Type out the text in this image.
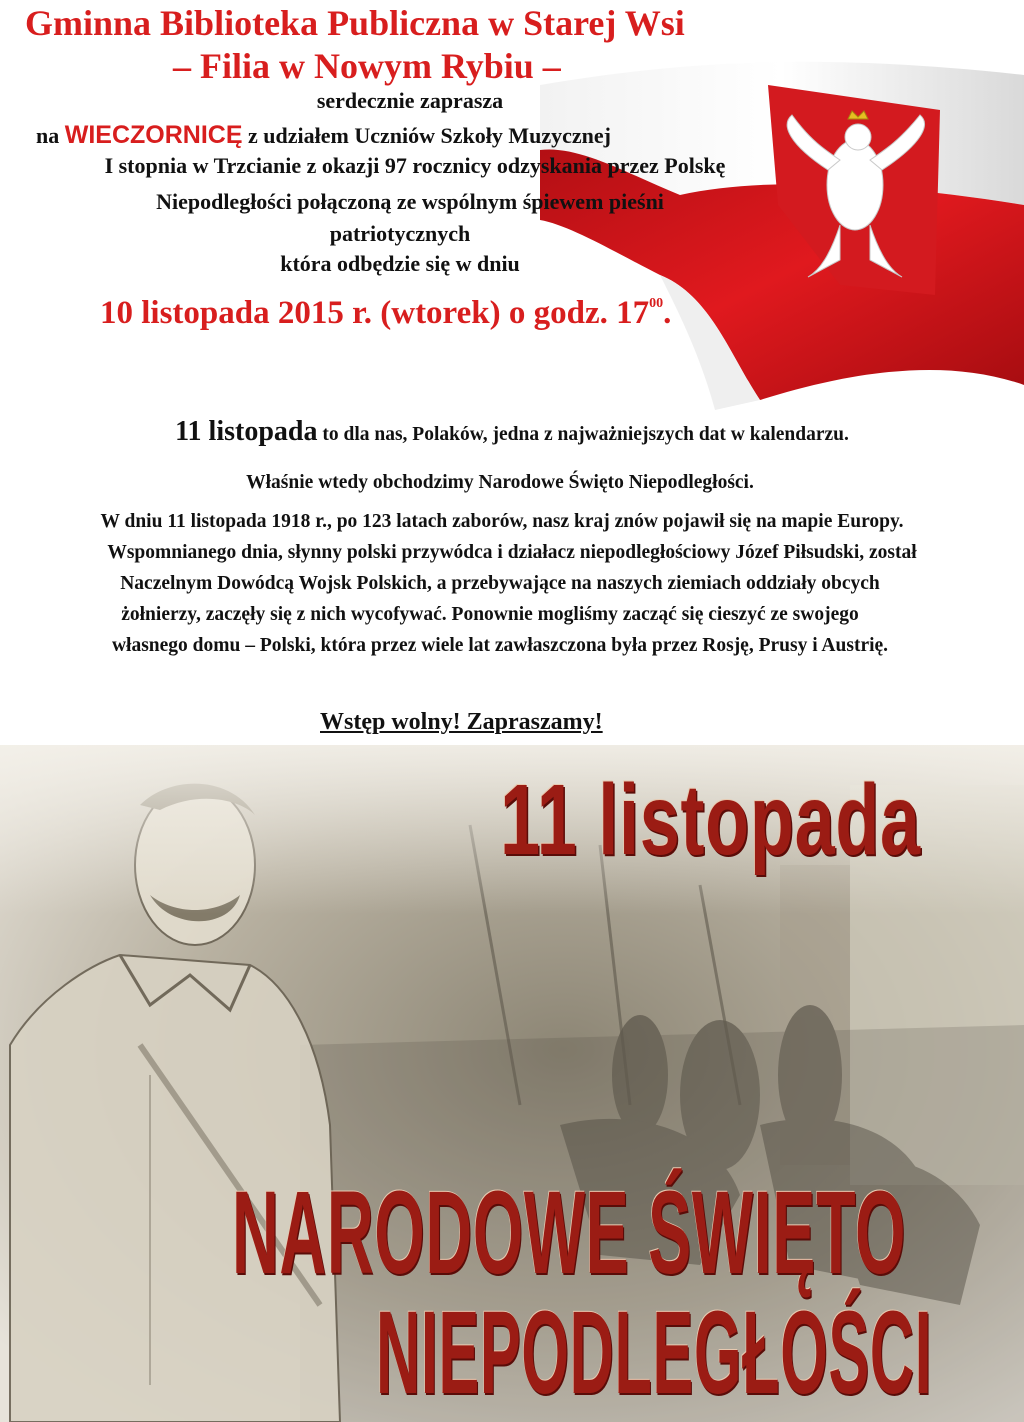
Gminna Biblioteka Publiczna w Starej Wsi
– Filia w Nowym Rybiu –
serdecznie zaprasza
na WIECZORNICĘ z udziałem Uczniów Szkoły Muzycznej
I stopnia w Trzcianie z okazji 97 rocznicy odzyskania przez Polskę
Niepodległości połączoną ze wspólnym śpiewem pieśni
patriotycznych
która odbędzie się w dniu
10 listopada 2015 r. (wtorek) o godz. $17^{00}$.
11 listopada to dla nas, Polaków, jedna z najważniejszych dat w kalendarzu.
Właśnie wtedy obchodzimy Narodowe Święto Niepodległości.
W dniu 11 listopada 1918 r., po 123 latach zaborów, nasz kraj znów pojawił się na mapie Europy.
Wspomnianego dnia, słynny polski przywódca i działacz niepodległościowy Józef Piłsudski, został
Naczelnym Dowódcą Wojsk Polskich, a przebywające na naszych ziemiach oddziały obcych
żołnierzy, zaczęły się z nich wycofywać. Ponownie mogliśmy zacząć się cieszyć ze swojego
własnego domu – Polski, która przez wiele lat zawłaszczona była przez Rosję, Prusy i Austrię.
Wstęp wolny! Zapraszamy!
11 listopada
NARODOWE ŚWIĘTO
NIEPODLEGŁOŚCI
